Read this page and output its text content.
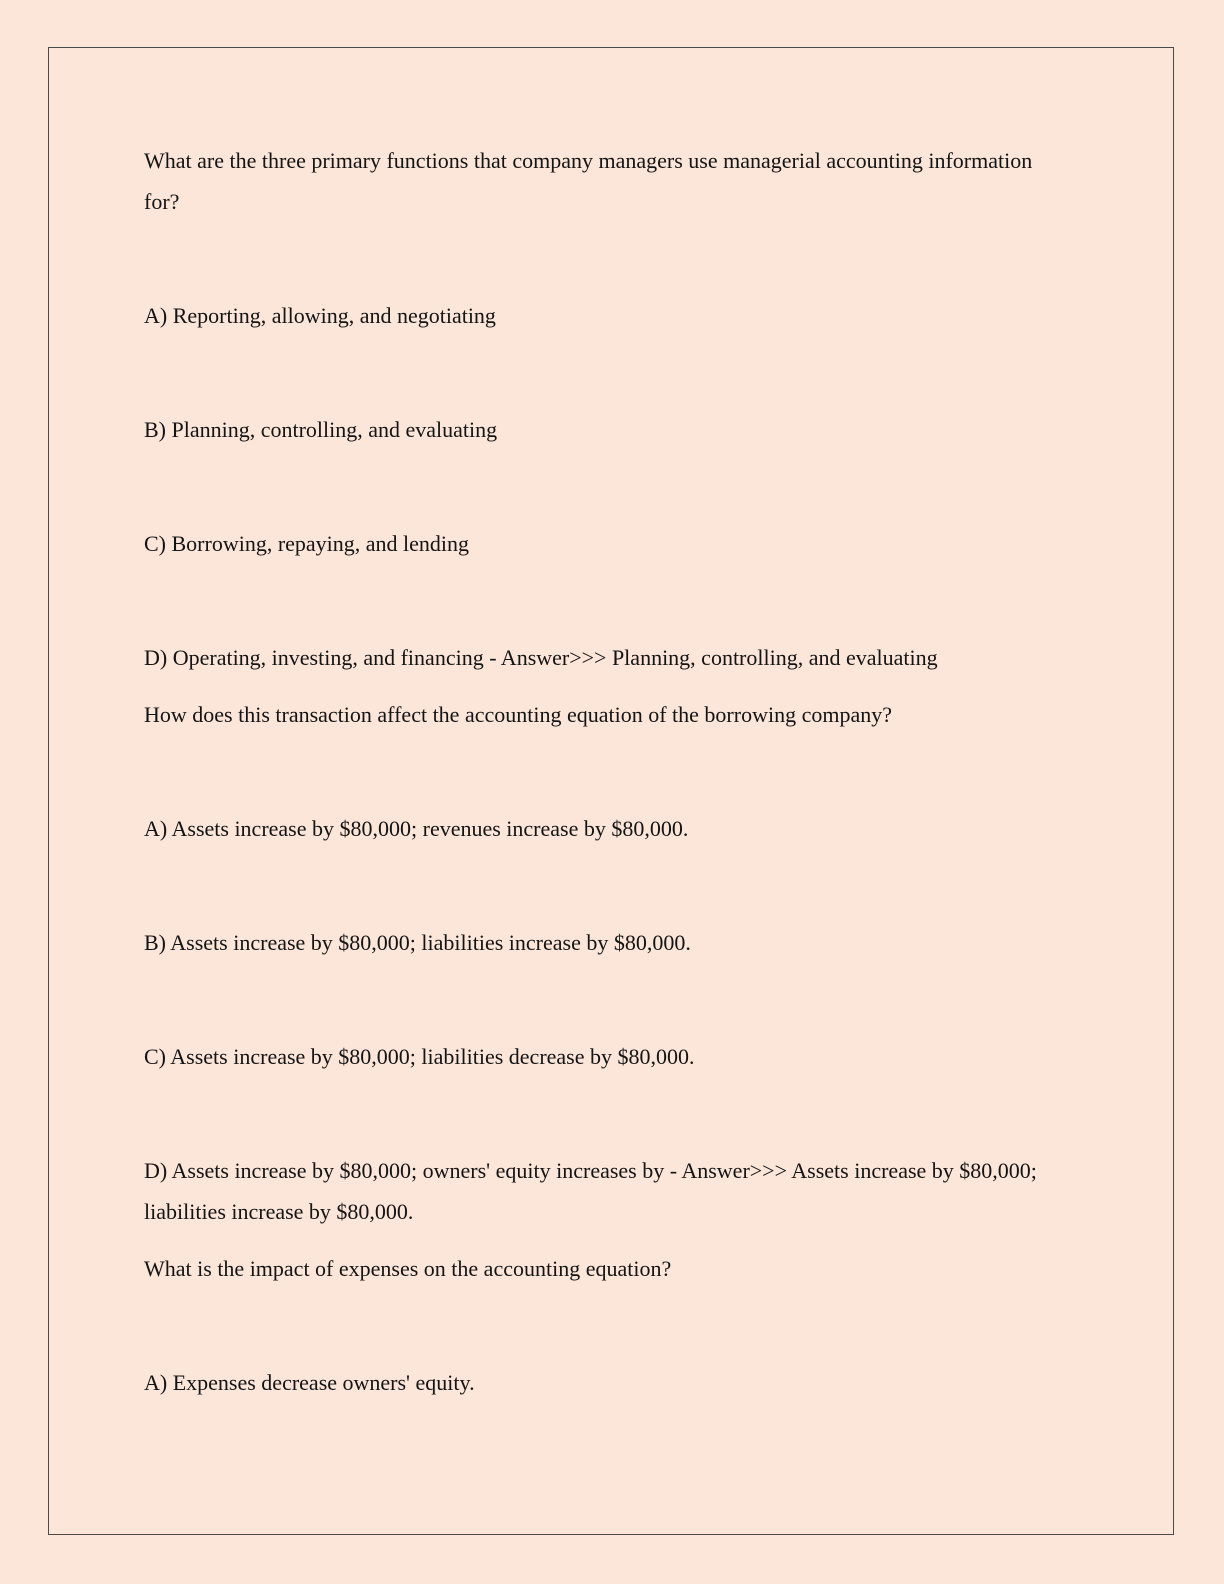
What are the three primary functions that company managers use managerial accounting information for?

A) Reporting, allowing, and negotiating

B) Planning, controlling, and evaluating

C) Borrowing, repaying, and lending

D) Operating, investing, and financing - Answer>>> Planning, controlling, and evaluating

How does this transaction affect the accounting equation of the borrowing company?

A) Assets increase by $80,000; revenues increase by $80,000.

B) Assets increase by $80,000; liabilities increase by $80,000.

C) Assets increase by $80,000; liabilities decrease by $80,000.

D) Assets increase by $80,000; owners' equity increases by - Answer>>> Assets increase by $80,000; liabilities increase by $80,000.

What is the impact of expenses on the accounting equation?

A) Expenses decrease owners' equity.
